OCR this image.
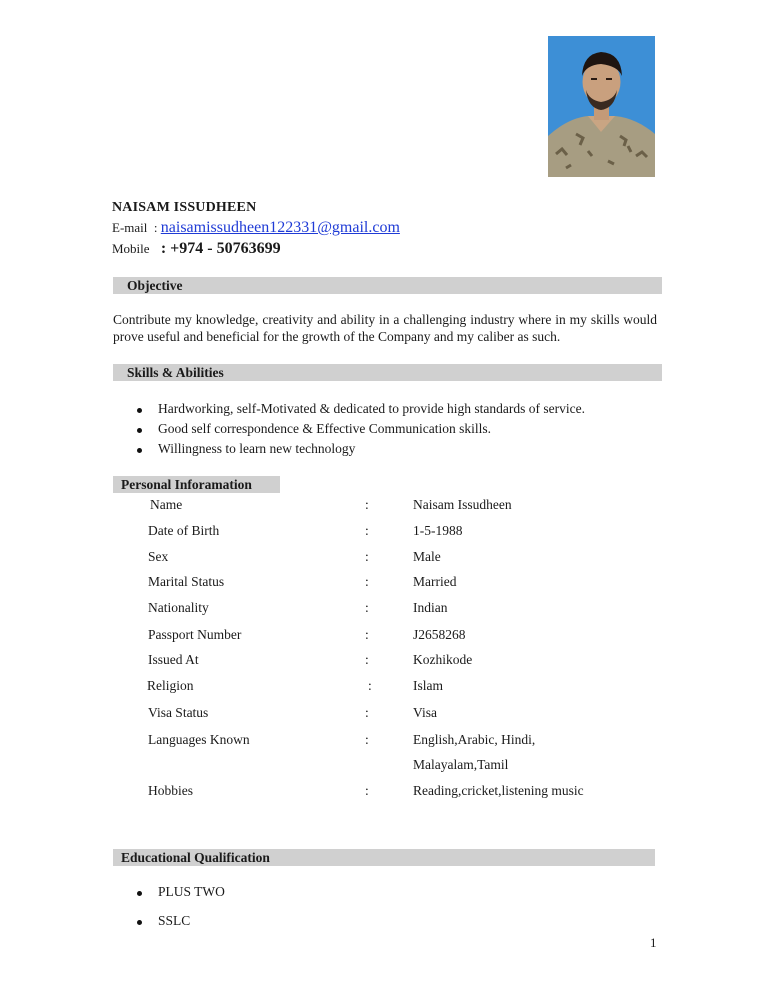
NAISAM ISSUDHEEN
E-mail  : naisamissudheen122331@gmail.com
Mobile   : +974 - 50763699
Objective
Contribute my knowledge, creativity and ability in a challenging industry where in my skills would prove useful and beneficial for the growth of the Company and my caliber as such.
Skills & Abilities
Hardworking, self-Motivated & dedicated to provide high standards of service.
Good self correspondence & Effective Communication skills.
Willingness to learn new technology
Personal Inforamation
Name	:	Naisam Issudheen
Date of Birth	:	1-5-1988
Sex	:	Male
Marital Status	:	Married
Nationality	:	Indian
Passport Number	:	J2658268
Issued At	:	Kozhikode
Religion	:	Islam
Visa Status	:	Visa
Languages Known	:	English,Arabic, Hindi,
Malayalam,Tamil
Hobbies	:	Reading,cricket,listening music
Educational Qualification
PLUS TWO
SSLC
1
